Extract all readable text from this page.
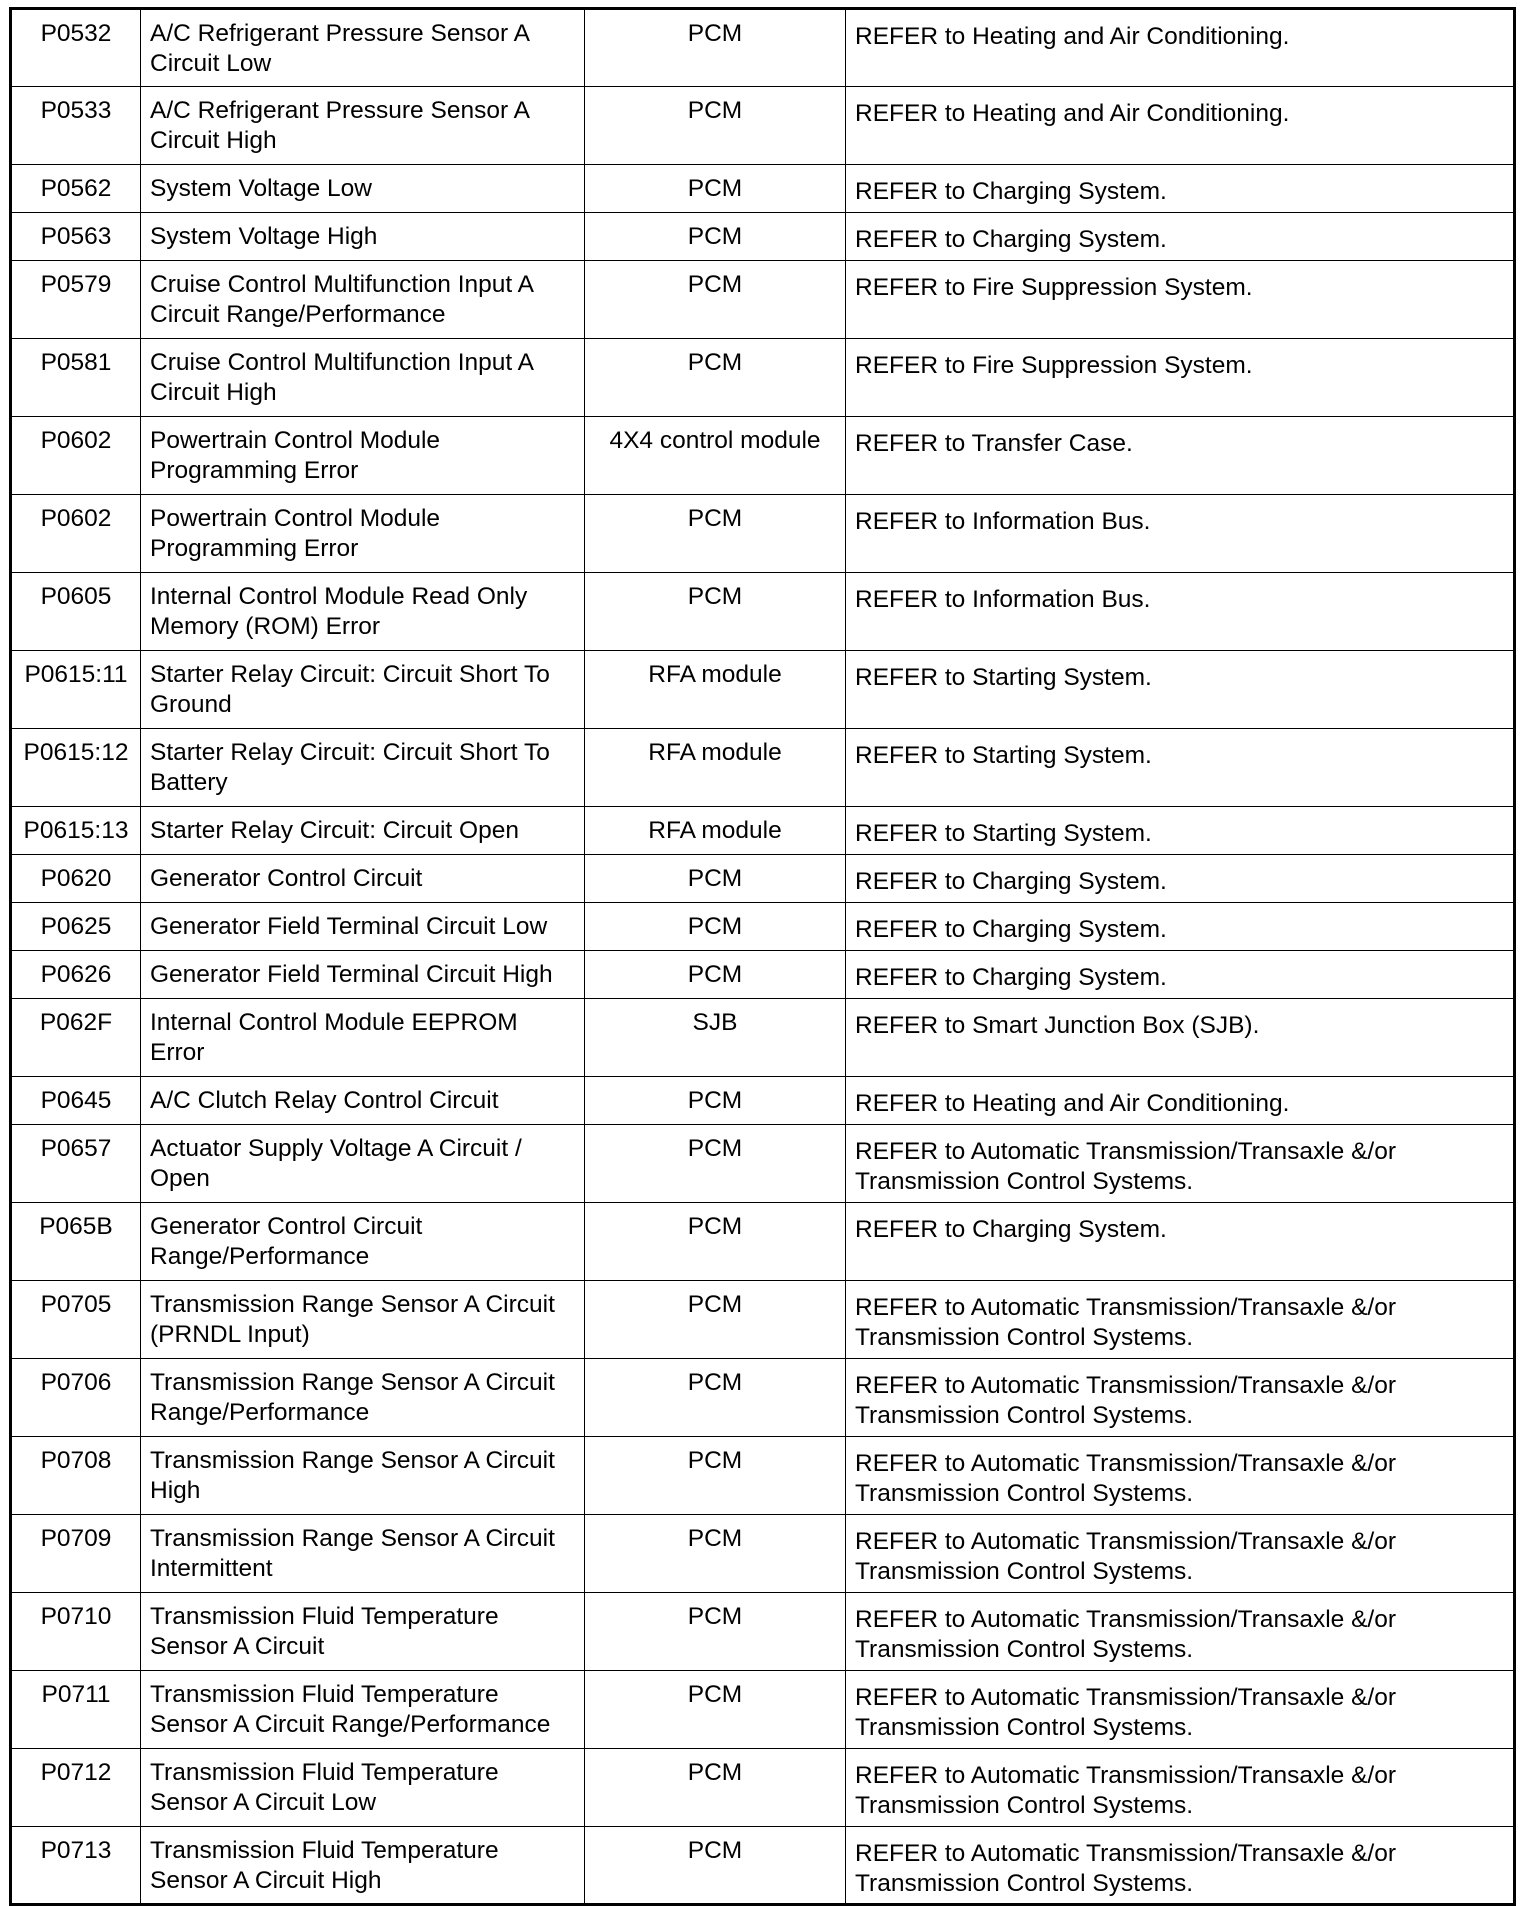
P0532	A/C Refrigerant Pressure Sensor A Circuit Low	PCM	REFER to Heating and Air Conditioning.
P0533	A/C Refrigerant Pressure Sensor A Circuit High	PCM	REFER to Heating and Air Conditioning.
P0562	System Voltage Low	PCM	REFER to Charging System.
P0563	System Voltage High	PCM	REFER to Charging System.
P0579	Cruise Control Multifunction Input A Circuit Range/Performance	PCM	REFER to Fire Suppression System.
P0581	Cruise Control Multifunction Input A Circuit High	PCM	REFER to Fire Suppression System.
P0602	Powertrain Control Module Programming Error	4X4 control module	REFER to Transfer Case.
P0602	Powertrain Control Module Programming Error	PCM	REFER to Information Bus.
P0605	Internal Control Module Read Only Memory (ROM) Error	PCM	REFER to Information Bus.
P0615:11	Starter Relay Circuit: Circuit Short To Ground	RFA module	REFER to Starting System.
P0615:12	Starter Relay Circuit: Circuit Short To Battery	RFA module	REFER to Starting System.
P0615:13	Starter Relay Circuit: Circuit Open	RFA module	REFER to Starting System.
P0620	Generator Control Circuit	PCM	REFER to Charging System.
P0625	Generator Field Terminal Circuit Low	PCM	REFER to Charging System.
P0626	Generator Field Terminal Circuit High	PCM	REFER to Charging System.
P062F	Internal Control Module EEPROM Error	SJB	REFER to Smart Junction Box (SJB).
P0645	A/C Clutch Relay Control Circuit	PCM	REFER to Heating and Air Conditioning.
P0657	Actuator Supply Voltage A Circuit / Open	PCM	REFER to Automatic Transmission/Transaxle &/or Transmission Control Systems.
P065B	Generator Control Circuit Range/Performance	PCM	REFER to Charging System.
P0705	Transmission Range Sensor A Circuit (PRNDL Input)	PCM	REFER to Automatic Transmission/Transaxle &/or Transmission Control Systems.
P0706	Transmission Range Sensor A Circuit Range/Performance	PCM	REFER to Automatic Transmission/Transaxle &/or Transmission Control Systems.
P0708	Transmission Range Sensor A Circuit High	PCM	REFER to Automatic Transmission/Transaxle &/or Transmission Control Systems.
P0709	Transmission Range Sensor A Circuit Intermittent	PCM	REFER to Automatic Transmission/Transaxle &/or Transmission Control Systems.
P0710	Transmission Fluid Temperature Sensor A Circuit	PCM	REFER to Automatic Transmission/Transaxle &/or Transmission Control Systems.
P0711	Transmission Fluid Temperature Sensor A Circuit Range/Performance	PCM	REFER to Automatic Transmission/Transaxle &/or Transmission Control Systems.
P0712	Transmission Fluid Temperature Sensor A Circuit Low	PCM	REFER to Automatic Transmission/Transaxle &/or Transmission Control Systems.
P0713	Transmission Fluid Temperature Sensor A Circuit High	PCM	REFER to Automatic Transmission/Transaxle &/or Transmission Control Systems.
